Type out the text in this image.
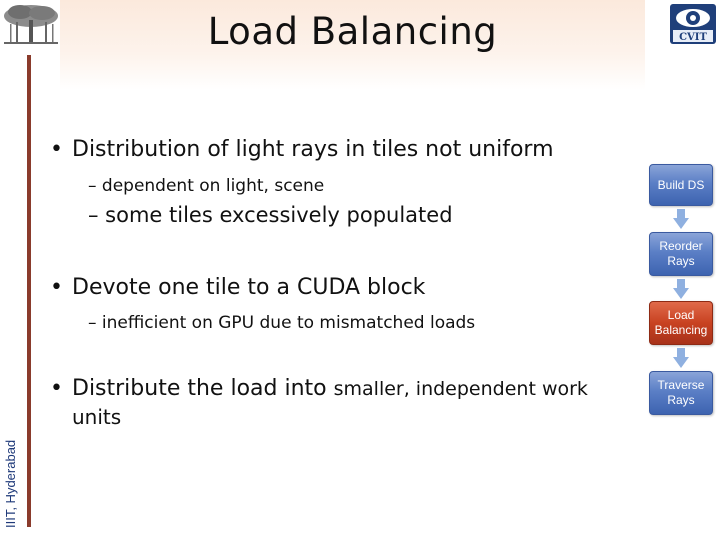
Load Balancing	CVIT
IIIT, Hyderabad
• Distribution of light rays in tiles not uniform
– dependent on light, scene
– some tiles excessively populated
• Devote one tile to a CUDA block
– inefficient on GPU due to mismatched loads
• Distribute the load into smaller, independent work
units
Build DS
Reorder Rays
Load Balancing
Traverse Rays
